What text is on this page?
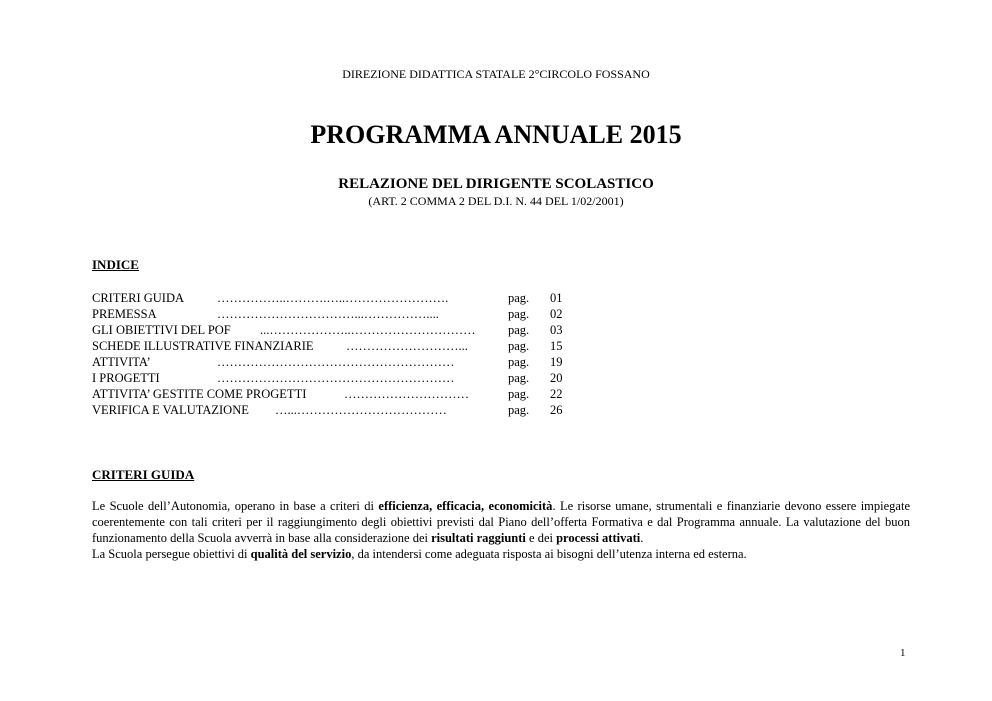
DIREZIONE DIDATTICA STATALE 2°CIRCOLO FOSSANO
PROGRAMMA ANNUALE 2015
RELAZIONE DEL DIRIGENTE SCOLASTICO
(ART. 2 COMMA 2 DEL D.I. N. 44 DEL 1/02/2001)
INDICE
CRITERI GUIDA	……………..……….…..…………………….	pag. 01
PREMESSA	……………………………...……………....	pag. 02
GLI OBIETTIVI DEL POF ...………………..…………………………	pag. 03
SCHEDE ILLUSTRATIVE FINANZIARIE	………………………...	pag. 15
ATTIVITA’	…………………………………………………	pag. 19
I PROGETTI	…………………………………………………	pag. 20
ATTIVITA’ GESTITE COME PROGETTI	…………………………	pag. 22
VERIFICA E VALUTAZIONE …...………………………………	pag. 26
CRITERI GUIDA

Le Scuole dell’Autonomia, operano in base a criteri di efficienza, efficacia, economicità. Le risorse umane, strumentali e finanziarie devono essere impiegate coerentemente con tali criteri per il raggiungimento degli obiettivi previsti dal Piano dell’offerta Formativa e dal Programma annuale. La valutazione del buon funzionamento della Scuola avverrà in base alla considerazione dei risultati raggiunti e dei processi attivati.

La Scuola persegue obiettivi di qualità del servizio, da intendersi come adeguata risposta ai bisogni dell’utenza interna ed esterna.

1
